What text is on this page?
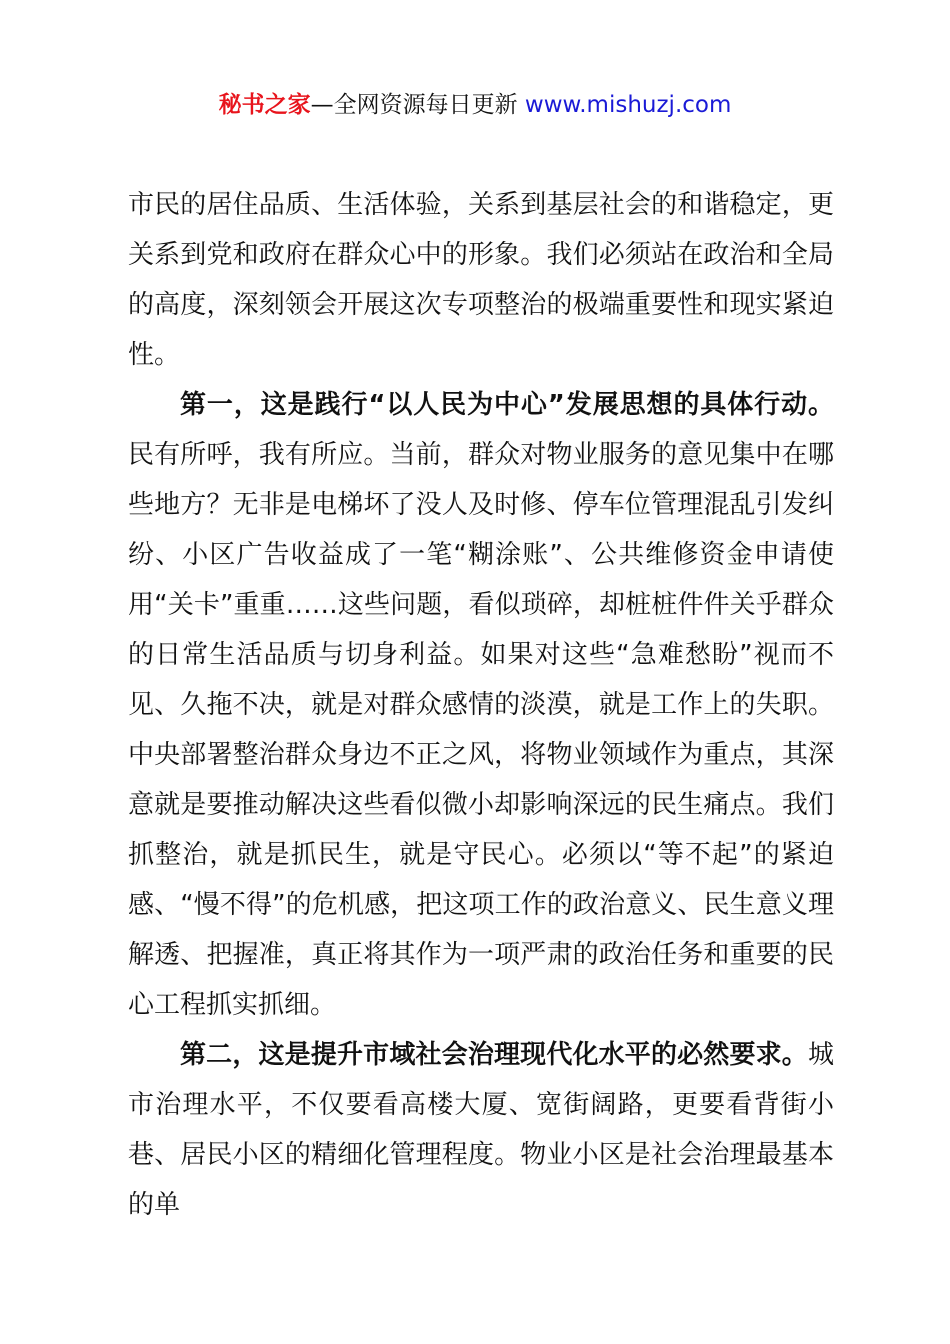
秘书之家—全网资源每日更新 www.mishuzj.com

市民的居住品质、生活体验，关系到基层社会的和谐稳定，更关系到党和政府在群众心中的形象。我们必须站在政治和全局的高度，深刻领会开展这次专项整治的极端重要性和现实紧迫性。

第一，这是践行“以人民为中心”发展思想的具体行动。民有所呼，我有所应。当前，群众对物业服务的意见集中在哪些地方？无非是电梯坏了没人及时修、停车位管理混乱引发纠纷、小区广告收益成了一笔“糊涂账”、公共维修资金申请使用“关卡”重重……这些问题，看似琐碎，却桩桩件件关乎群众的日常生活品质与切身利益。如果对这些“急难愁盼”视而不见、久拖不决，就是对群众感情的淡漠，就是工作上的失职。中央部署整治群众身边不正之风，将物业领域作为重点，其深意就是要推动解决这些看似微小却影响深远的民生痛点。我们抓整治，就是抓民生，就是守民心。必须以“等不起”的紧迫感、“慢不得”的危机感，把这项工作的政治意义、民生意义理解透、把握准，真正将其作为一项严肃的政治任务和重要的民心工程抓实抓细。

第二，这是提升市域社会治理现代化水平的必然要求。城市治理水平，不仅要看高楼大厦、宽街阔路，更要看背街小巷、居民小区的精细化管理程度。物业小区是社会治理最基本的单
